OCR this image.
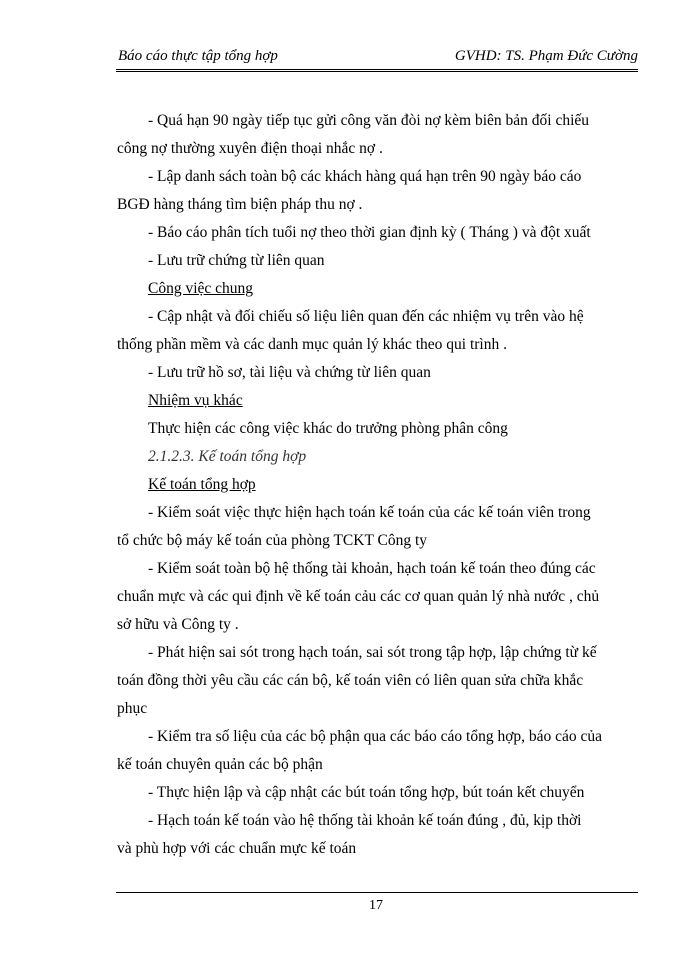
Báo cáo thực tập tổng hợp	GVHD: TS. Phạm Đức Cường
- Quá hạn 90 ngày tiếp tục gửi công văn đòi nợ kèm biên bản đối chiếu
công nợ thường xuyên điện thoại nhắc nợ .
- Lập danh sách toàn bộ các khách hàng quá hạn trên 90 ngày báo cáo
BGĐ hàng tháng tìm biện pháp thu nợ .
- Báo cáo phân tích tuổi nợ theo thời gian định kỳ ( Tháng ) và đột xuất
- Lưu trữ chứng từ liên quan
Công việc chung
- Cập nhật và đối chiếu số liệu liên quan đến các nhiệm vụ trên vào hệ
thống phần mềm và các danh mục quản lý khác theo qui trình .
- Lưu trữ hồ sơ, tài liệu và chứng từ liên quan
Nhiệm vụ khác
Thực hiện các công việc khác do trưởng phòng phân công
2.1.2.3. Kế toán tổng hợp
Kế toán tổng hợp
- Kiểm soát việc thực hiện hạch toán kế toán của các kế toán viên trong
tổ chức bộ máy kế toán của phòng TCKT Công ty
- Kiểm soát toàn bộ hệ thống tài khoản, hạch toán kế toán theo đúng các
chuẩn mực và các qui định về kế toán cảu các cơ quan quản lý nhà nước , chủ
sở hữu và Công ty .
- Phát hiện sai sót trong hạch toán, sai sót trong tập hợp, lập chứng từ kế
toán đồng thời yêu cầu các cán bộ, kế toán viên có liên quan sửa chữa khắc
phục
- Kiểm tra số liệu của các bộ phận qua các báo cáo tổng hợp, báo cáo của
kế toán chuyên quản các bộ phận
- Thực hiện lập và cập nhật các bút toán tổng hợp, bút toán kết chuyển
- Hạch toán kế toán vào hệ thống tài khoản kế toán đúng , đủ, kịp thời
và phù hợp với các chuẩn mực kế toán
17
